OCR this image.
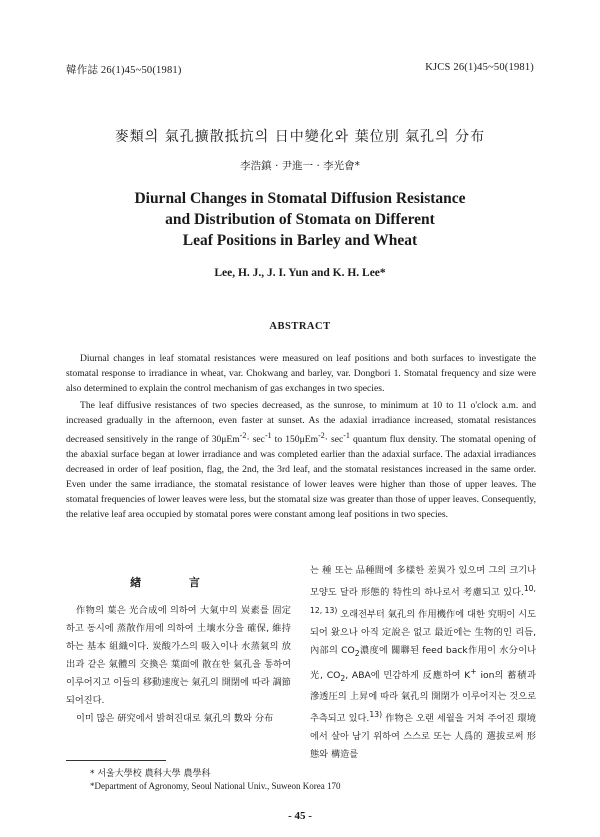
韓作誌 26(1)45~50(1981)	KJCS 26(1)45~50(1981)
麥類의 氣孔擴散抵抗의 日中變化와 葉位別 氣孔의 分布
李浩鎮 · 尹進一 · 李光會*
Diurnal Changes in Stomatal Diffusion Resistance
and Distribution of Stomata on Different
Leaf Positions in Barley and Wheat
Lee, H. J., J. I. Yun and K. H. Lee*
ABSTRACT

Diurnal changes in leaf stomatal resistances were measured on leaf positions and both surfaces to investigate the stomatal response to irradiance in wheat, var. Chokwang and barley, var. Dongbori 1. Stomatal frequency and size were also determined to explain the control mechanism of gas exchanges in two species.

The leaf diffusive resistances of two species decreased, as the sunrose, to minimum at 10 to 11 o'clock a.m. and increased gradually in the afternoon, even faster at sunset. As the adaxial irradiance increased, stomatal resistances decreased sensitively in the range of $30\mu Em^{-2}\cdot \sec^{-1}$ to $150\mu Em^{-2}\cdot \sec^{-1}$ quantum flux density. The stomatal opening of the abaxial surface began at lower irradiance and was completed earlier than the adaxial surface. The adaxial irradiances decreased in order of leaf position, flag, the 2nd, the 3rd leaf, and the stomatal resistances increased in the same order. Even under the same irradiance, the stomatal resistance of lower leaves were higher than those of upper leaves. The stomatal frequencies of lower leaves were less, but the stomatal size was greater than those of upper leaves. Consequently, the relative leaf area occupied by stomatal pores were constant among leaf positions in two species.

緖 言

作物의 葉은 光合成에 의하여 大氣中의 炭素를 固定하고 동시에 蒸散作用에 의하여 土壤水分을 確保, 維持하는 基本 組織이다. 炭酸가스의 吸入이나 水蒸氣의 放出과 같은 氣體의 交換은 葉面에 散在한 氣孔을 통하여 이루어지고 이들의 移動速度는 氣孔의 開閉에 따라 調節되어진다.

이미 많은 硏究에서 밝혀진대로 氣孔의 數와 分布

는 種 또는 品種間에 多樣한 差異가 있으며 그의 크기나 모양도 달라 形態的 特性의 하나로서 考慮되고 있다.$^{10, 12, 13)}$ 오래전부터 氣孔의 作用機作에 대한 究明이 시도되어 왔으나 아직 定說은 없고 最近에는 生物的인 리듬, 內部의 $CO_2$濃度에 關聯된 feed back作用이 水分이나 光, $CO_2$, ABA에 민감하게 反應하여 K+ ion의 蓄積과 滲透圧의 上昇에 따라 氣孔의 開閉가 이루어지는 것으로 추측되고 있다.$^{13)}$ 作物은 오랜 세월을 거쳐 주어진 環境에서 살아 남기 위하여 스스로 또는 人爲的 選拔로써 形態와 構造를

* 서울大學校 農科大學 農學科
*Department of Agronomy, Seoul National Univ., Suweon Korea 170
- 45 -
